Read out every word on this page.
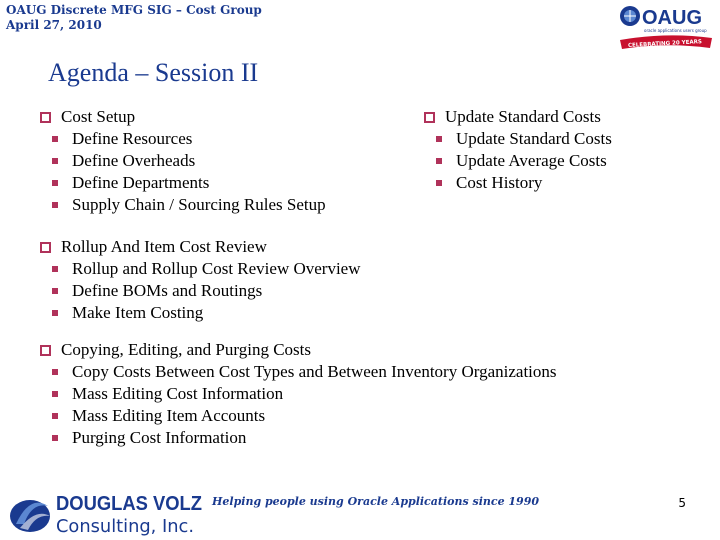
OAUG Discrete MFG SIG – Cost Group
April 27, 2010	OAUG
oracle applications users group
CELEBRATING 20 YEARS
Agenda – Session II
Cost Setup
Define Resources
Define Overheads
Define Departments
Supply Chain / Sourcing Rules Setup
Update Standard Costs
Update Standard Costs
Update Average Costs
Cost History
Rollup And Item Cost Review
Rollup and Rollup Cost Review Overview
Define BOMs and Routings
Make Item Costing
Copying, Editing, and Purging Costs
Copy Costs Between Cost Types and Between Inventory Organizations
Mass Editing Cost Information
Mass Editing Item Accounts
Purging Cost Information
DOUGLAS VOLZ
Consulting, Inc.
Helping people using Oracle Applications since 1990	5
